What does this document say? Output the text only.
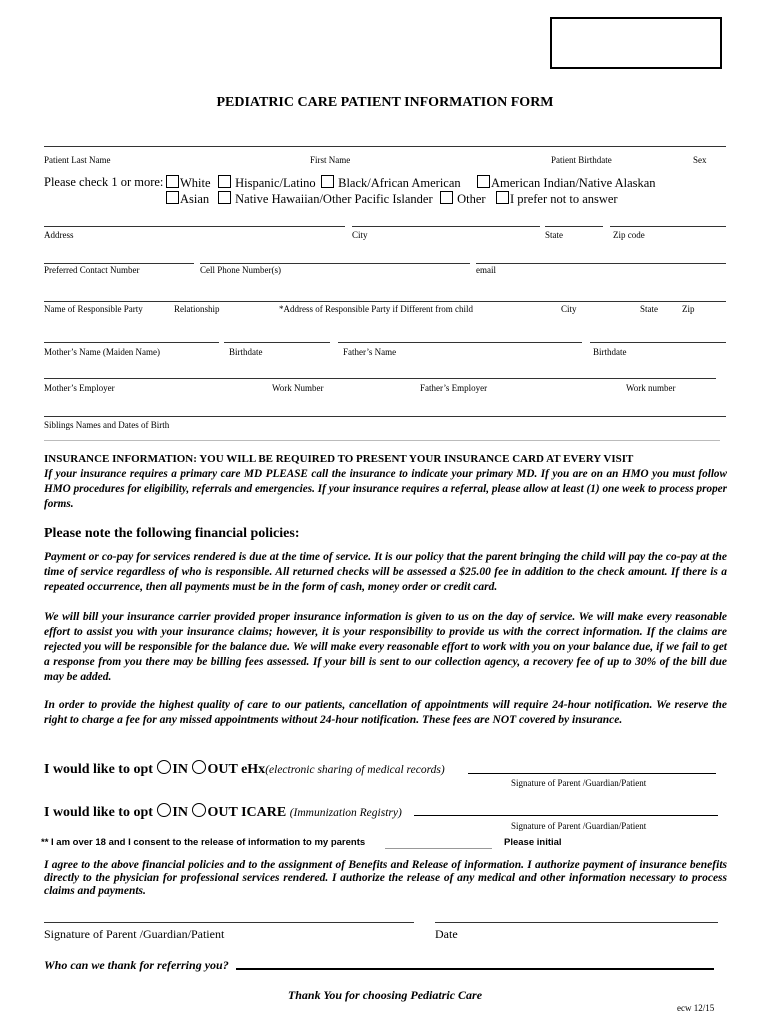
PEDIATRIC CARE PATIENT INFORMATION FORM
Patient Last Name	First Name	Patient Birthdate	Sex
Please check 1 or more:	White	Hispanic/Latino	Black/African American	American Indian/Native Alaskan
Asian	Native Hawaiian/Other Pacific Islander	Other	I prefer not to answer
Address	City	State	Zip code
Preferred Contact Number	Cell Phone Number(s)	email
Name of Responsible Party	Relationship	*Address of Responsible Party if Different from child	City	State	Zip
Mother’s Name (Maiden Name)	Birthdate	Father’s Name	Birthdate
Mother’s Employer	Work Number	Father’s Employer	Work number
Siblings Names and Dates of Birth
INSURANCE INFORMATION: YOU WILL BE REQUIRED TO PRESENT YOUR INSURANCE CARD AT EVERY VISIT
If your insurance requires a primary care MD PLEASE call the insurance to indicate your primary MD. If you are on an HMO you must follow HMO procedures for eligibility, referrals and emergencies. If your insurance requires a referral, please allow at least (1) one week to process proper forms.
Please note the following financial policies:
Payment or co-pay for services rendered is due at the time of service. It is our policy that the parent bringing the child will pay the co-pay at the time of service regardless of who is responsible. All returned checks will be assessed a $25.00 fee in addition to the check amount. If there is a repeated occurrence, then all payments must be in the form of cash, money order or credit card.
We will bill your insurance carrier provided proper insurance information is given to us on the day of service. We will make every reasonable effort to assist you with your insurance claims; however, it is your responsibility to provide us with the correct information. If the claims are rejected you will be responsible for the balance due. We will make every reasonable effort to work with you on your balance due, if we fail to get a response from you there may be billing fees assessed. If your bill is sent to our collection agency, a recovery fee of up to 30% of the bill due may be added.
In order to provide the highest quality of care to our patients, cancellation of appointments will require 24-hour notification. We reserve the right to charge a fee for any missed appointments without 24-hour notification. These fees are NOT covered by insurance.
I would like to opt IN OUT eHx(electronic sharing of medical records)
Signature of Parent /Guardian/Patient
I would like to opt IN OUT ICARE (Immunization Registry)
Signature of Parent /Guardian/Patient
** I am over 18 and I consent to the release of information to my parents	Please initial
I agree to the above financial policies and to the assignment of Benefits and Release of information. I authorize payment of insurance benefits directly to the physician for professional services rendered. I authorize the release of any medical and other information necessary to process claims and payments.
Signature of Parent /Guardian/Patient	Date
Who can we thank for referring you?
Thank You for choosing Pediatric Care
ecw 12/15
